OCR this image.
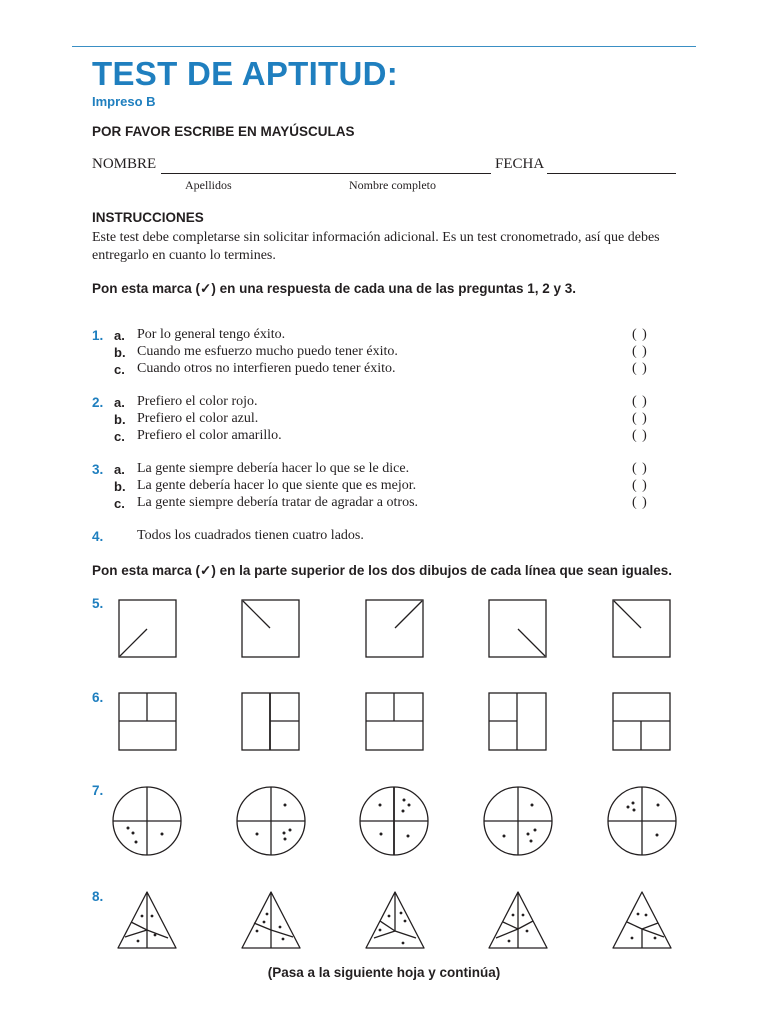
TEST DE APTITUD:
Impreso B
POR FAVOR ESCRIBE EN MAYÚSCULAS
NOMBRE	FECHA
Apellidos	Nombre completo
INSTRUCCIONES
Este test debe completarse sin solicitar información adicional. Es un test cronometrado, así que debes
entregarlo en cuanto lo termines.
Pon esta marca (✓) en una respuesta de cada una de las preguntas 1, 2 y 3.
1. a. Por lo general tengo éxito.	( )
b. Cuando me esfuerzo mucho puedo tener éxito.	( )
c. Cuando otros no interfieren puedo tener éxito.	( )
2. a. Prefiero el color rojo.	( )
b. Prefiero el color azul.	( )
c. Prefiero el color amarillo.	( )
3. a. La gente siempre debería hacer lo que se le dice.	( )
b. La gente debería hacer lo que siente que es mejor.	( )
c. La gente siempre debería tratar de agradar a otros.	( )
4. Todos los cuadrados tienen cuatro lados.
Pon esta marca (✓) en la parte superior de los dos dibujos de cada línea que sean iguales.
5.
6.
7.
8.
(Pasa a la siguiente hoja y continúa)
